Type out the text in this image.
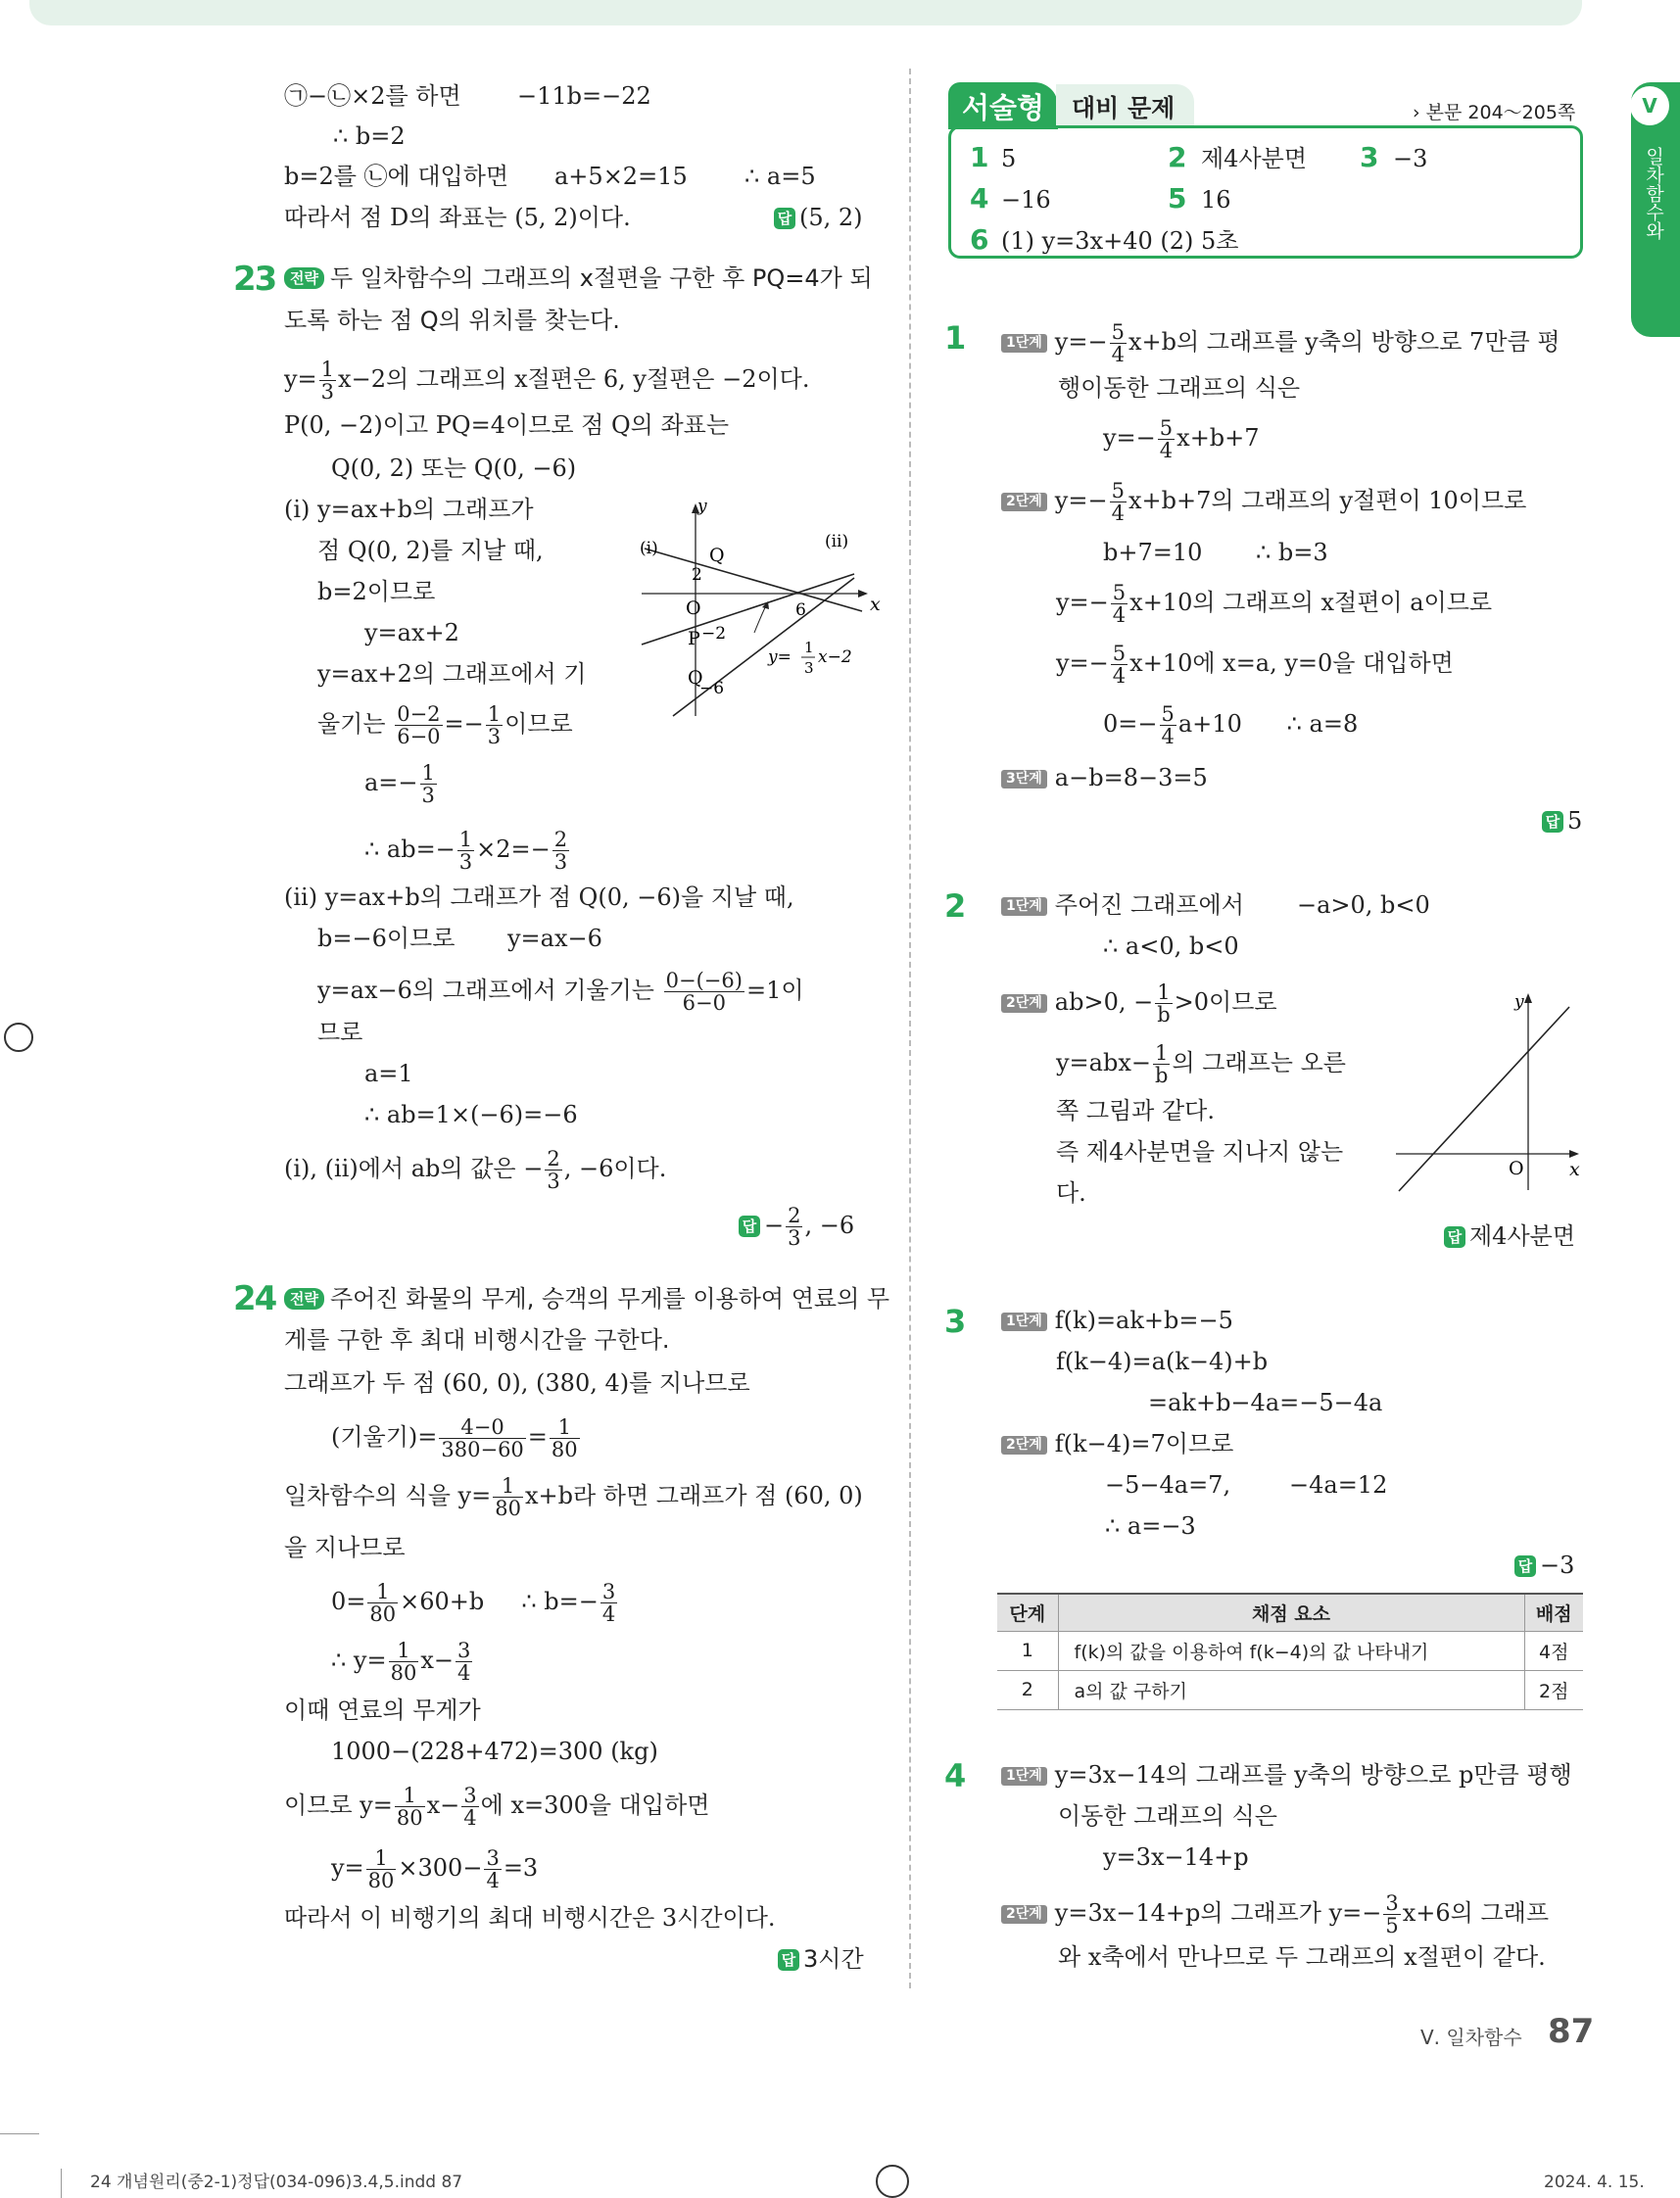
㉠−㉡×2를 하면 −11b=−22
∴ b=2
b=2를 ㉡에 대입하면 a+5×2=15 ∴ a=5
따라서 점 D의 좌표는 (5, 2)이다.	답 (5, 2)
23 전략 두 일차함수의 그래프의 x절편을 구한 후 PQ=4가 되
도록 하는 점 Q의 위치를 찾는다.
$y= \frac{1}{3} x-2$의 그래프의 x절편은 6, y절편은 −2이다.
P(0, −2)이고 PQ=4이므로 점 Q의 좌표는
Q(0, 2) 또는 Q(0, −6)
(ⅰ) y=ax+b의 그래프가
점 Q(0, 2)를 지날 때,
b=2이므로
y=ax+2
y=ax+2의 그래프에서 기
울기는 $\frac{0-2}{6-0} =- \frac{1}{3}$ 이므로
$a=- \frac{1}{3}$
∴ $ab=- \frac{1}{3} \times 2=- \frac{2}{3}$
(ⅱ) y=ax+b의 그래프가 점 Q(0, −6)을 지날 때,
b=−6이므로 y=ax−6
y=ax−6의 그래프에서 기울기는 $\frac{0-(-6)}{6-0} =1$이
므로
a=1
∴ ab=1×(−6)=−6
(ⅰ), (ⅱ)에서 ab의 값은 − $\frac{2}{3}$ , −6이다.
답 − $\frac{2}{3}$ , −6
y
x
O
(ⅰ)	(ⅱ)
Q
2
6
P −2
Q
−6
y= 1
3
x−2
24 전략 주어진 화물의 무게, 승객의 무게를 이용하여 연료의 무
게를 구한 후 최대 비행시간을 구한다.
그래프가 두 점 (60, 0), (380, 4)를 지나므로
(기울기)= $\frac{4-0}{380-60} = \frac{1}{80}$
일차함수의 식을 $y= \frac{1}{80} x+b$라 하면 그래프가 점 (60, 0)
을 지나므로
$0= \frac{1}{80} \times 60+b$ ∴ $b=- \frac{3}{4}$
∴ $y= \frac{1}{80} x- \frac{3}{4}$
이때 연료의 무게가
1000−(228+472)=300 (kg)
이므로 $y= \frac{1}{80} x- \frac{3}{4}$ 에 x=300을 대입하면
$y= \frac{1}{80} \times 300- \frac{3}{4} =3$
따라서 이 비행기의 최대 비행시간은 3시간이다.
답 3시간
서술형	대비 문제	› 본문 204～205쪽
1 5	2 제4사분면 3 −3
4 −16	5 16
6 (1) y=3x+40 (2) 5초
Ⅴ
일차함수와
1	1단계 $y=- \frac{5}{4} x+b$의 그래프를 y축의 방향으로 7만큼 평
행이동한 그래프의 식은
$y=- \frac{5}{4} x+b+7$
2단계 $y=- \frac{5}{4} x+b+7$의 그래프의 y절편이 10이므로
b+7=10 ∴ b=3
$y=- \frac{5}{4} x+10$의 그래프의 x절편이 a이므로
$y=- \frac{5}{4} x+10$에 x=a, y=0을 대입하면
$0=- \frac{5}{4} a+10$ ∴ a=8
3단계 a−b=8−3=5
답 5
2	1단계 주어진 그래프에서 −a>0, b<0
∴ a<0, b<0
2단계 ab>0, − $\frac{1}{b} >0$이므로
$y=abx- \frac{1}{b}$ 의 그래프는 오른
쪽 그림과 같다.
즉 제4사분면을 지나지 않는
다.
y
x
O
답 제4사분면
3	1단계 f(k)=ak+b=−5
f(k−4)=a(k−4)+b
=ak+b−4a=−5−4a
2단계 f(k−4)=7이므로
−5−4a=7, −4a=12
∴ a=−3
답 −3
단계	채점 요소	배점
1	f(k)의 값을 이용하여 f(k−4)의 값 나타내기	4점
2	a의 값 구하기	2점
4	1단계 y=3x−14의 그래프를 y축의 방향으로 p만큼 평행
이동한 그래프의 식은
y=3x−14+p
2단계 y=3x−14+p의 그래프가 $y=- \frac{3}{5} x+6$의 그래프
와 x축에서 만나므로 두 그래프의 x절편이 같다.
Ⅴ. 일차함수 87
24 개념원리(중2-1)정답(034-096)3.4,5.indd 87	2024. 4. 15.
